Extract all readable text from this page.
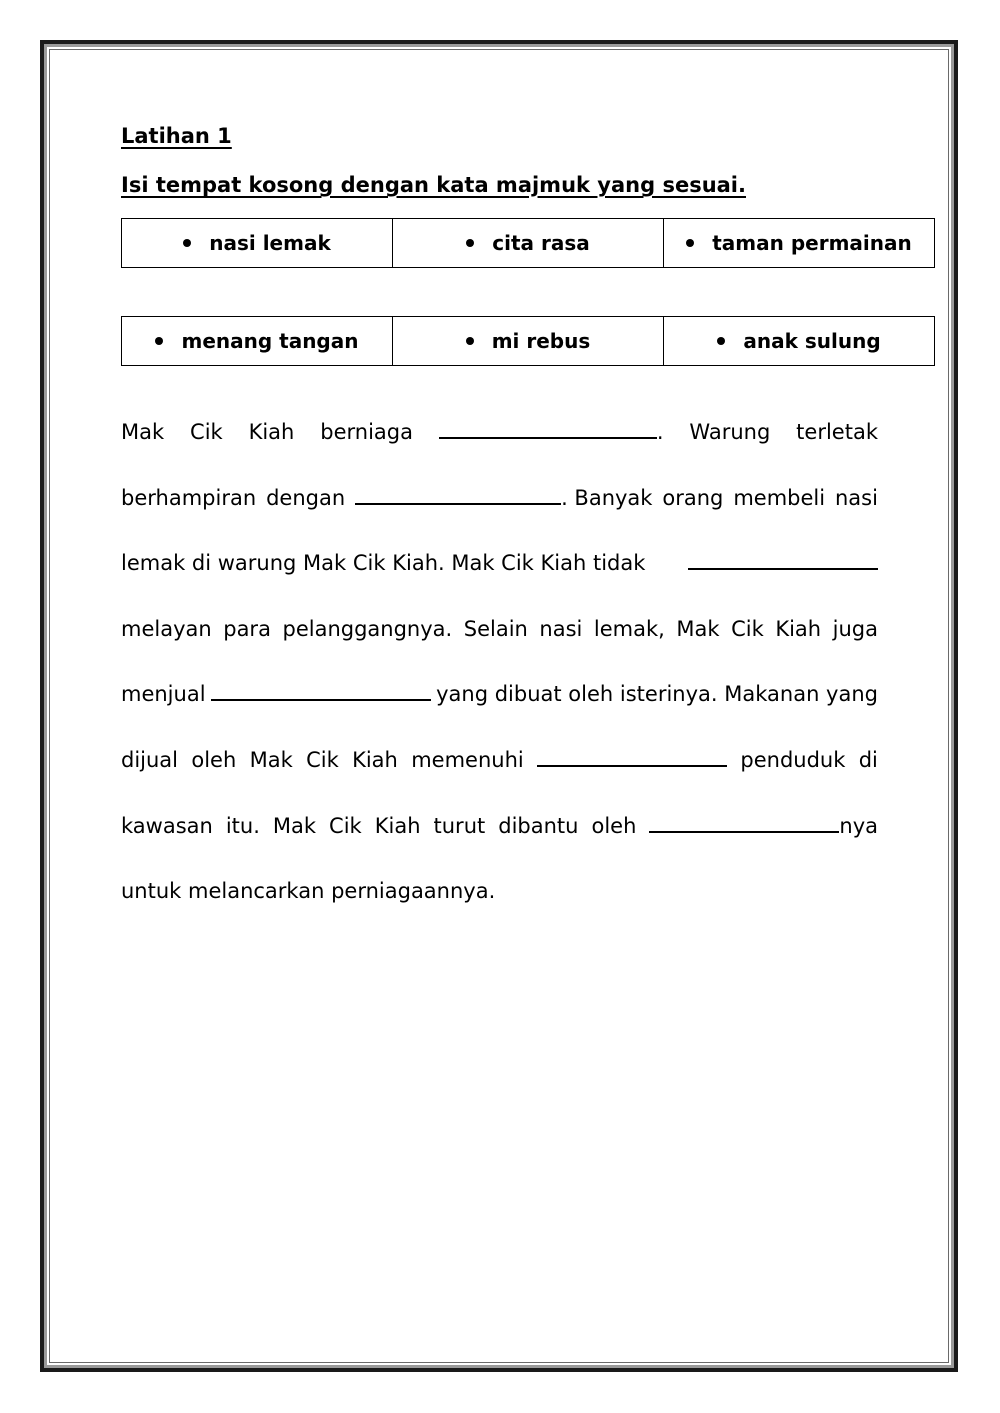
Latihan 1

Isi tempat kosong dengan kata majmuk yang sesuai.

nasi lemak	cita rasa	taman permainan
menang tangan	mi rebus	anak sulung
Mak Cik Kiah berniaga	. Warung terletak
berhampiran dengan	. Banyak orang membeli nasi
lemak di warung Mak Cik Kiah. Mak Cik Kiah tidak
melayan para pelanggangnya. Selain nasi lemak, Mak Cik Kiah juga
menjual	yang dibuat oleh isterinya. Makanan yang
dijual oleh Mak Cik Kiah memenuhi	penduduk di
kawasan itu. Mak Cik Kiah turut dibantu oleh	nya
untuk melancarkan perniagaannya.
